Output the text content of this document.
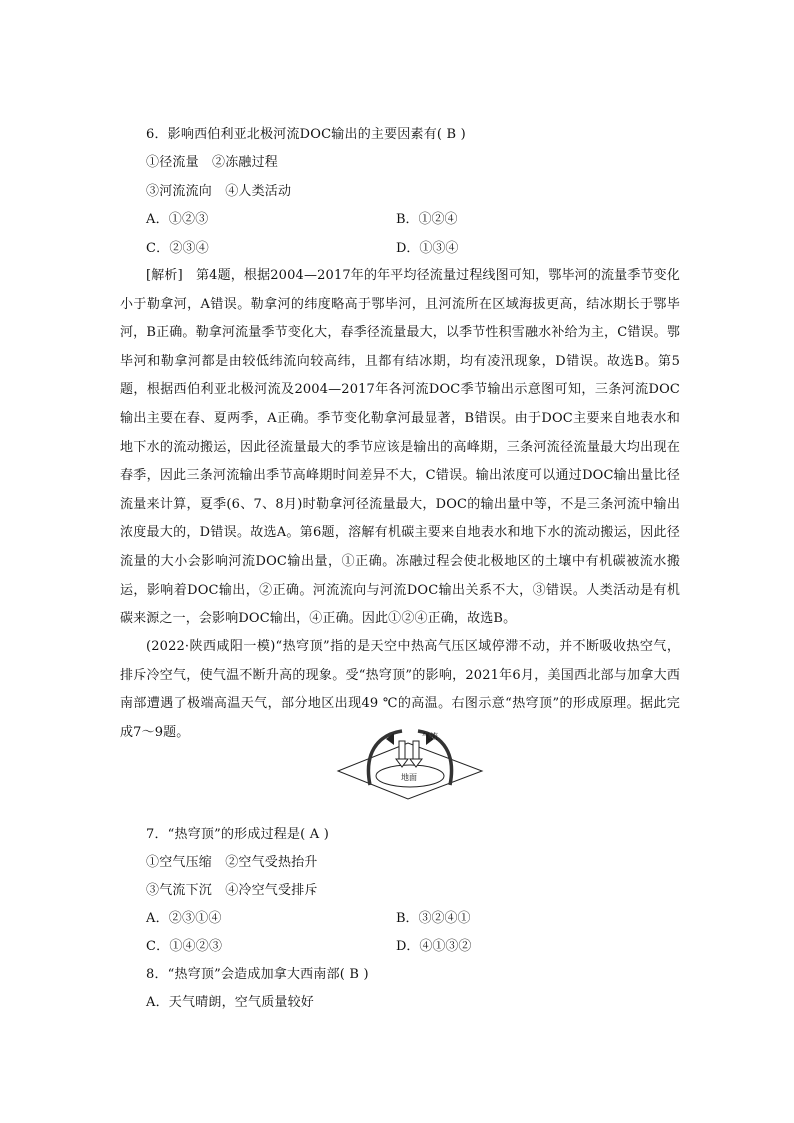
6．影响西伯利亚北极河流DOC输出的主要因素有( B )
①径流量　②冻融过程
③河流流向　④人类活动
A．①②③	B．①②④
C．②③④	D．①③④
[解析]　第4题，根据2004—2017年的年平均径流量过程线图可知，鄂毕河的流量季节变化小于勒拿河，A错误。勒拿河的纬度略高于鄂毕河，且河流所在区域海拔更高，结冰期长于鄂毕河，B正确。勒拿河流量季节变化大，春季径流量最大，以季节性积雪融水补给为主，C错误。鄂毕河和勒拿河都是由较低纬流向较高纬，且都有结冰期，均有凌汛现象，D错误。故选B。第5题，根据西伯利亚北极河流及2004—2017年各河流DOC季节输出示意图可知，三条河流DOC输出主要在春、夏两季，A正确。季节变化勒拿河最显著，B错误。由于DOC主要来自地表水和地下水的流动搬运，因此径流量最大的季节应该是输出的高峰期，三条河流径流量最大均出现在春季，因此三条河流输出季节高峰期时间差异不大，C错误。输出浓度可以通过DOC输出量比径流量来计算，夏季(6、7、8月)时勒拿河径流量最大，DOC的输出量中等，不是三条河流中输出浓度最大的，D错误。故选A。第6题，溶解有机碳主要来自地表水和地下水的流动搬运，因此径流量的大小会影响河流DOC输出量，①正确。冻融过程会使北极地区的土壤中有机碳被流水搬运，影响着DOC输出，②正确。河流流向与河流DOC输出关系不大，③错误。人类活动是有机碳来源之一，会影响DOC输出，④正确。因此①②④正确，故选B。
(2022·陕西咸阳一模)“热穹顶”指的是天空中热高气压区域停滞不动，并不断吸收热空气，排斥冷空气，使气温不断升高的现象。受“热穹顶”的影响，2021年6月，美国西北部与加拿大西南部遭遇了极端高温天气，部分地区出现49 ℃的高温。右图示意“热穹顶”的形成原理。据此完成7～9题。	气流
地面
7．“热穹顶”的形成过程是( A )
①空气压缩　②空气受热抬升
③气流下沉　④冷空气受排斥
A．②③①④	B．③②④①
C．①④②③	D．④①③②
8．“热穹顶”会造成加拿大西南部( B )
A．天气晴朗，空气质量较好
